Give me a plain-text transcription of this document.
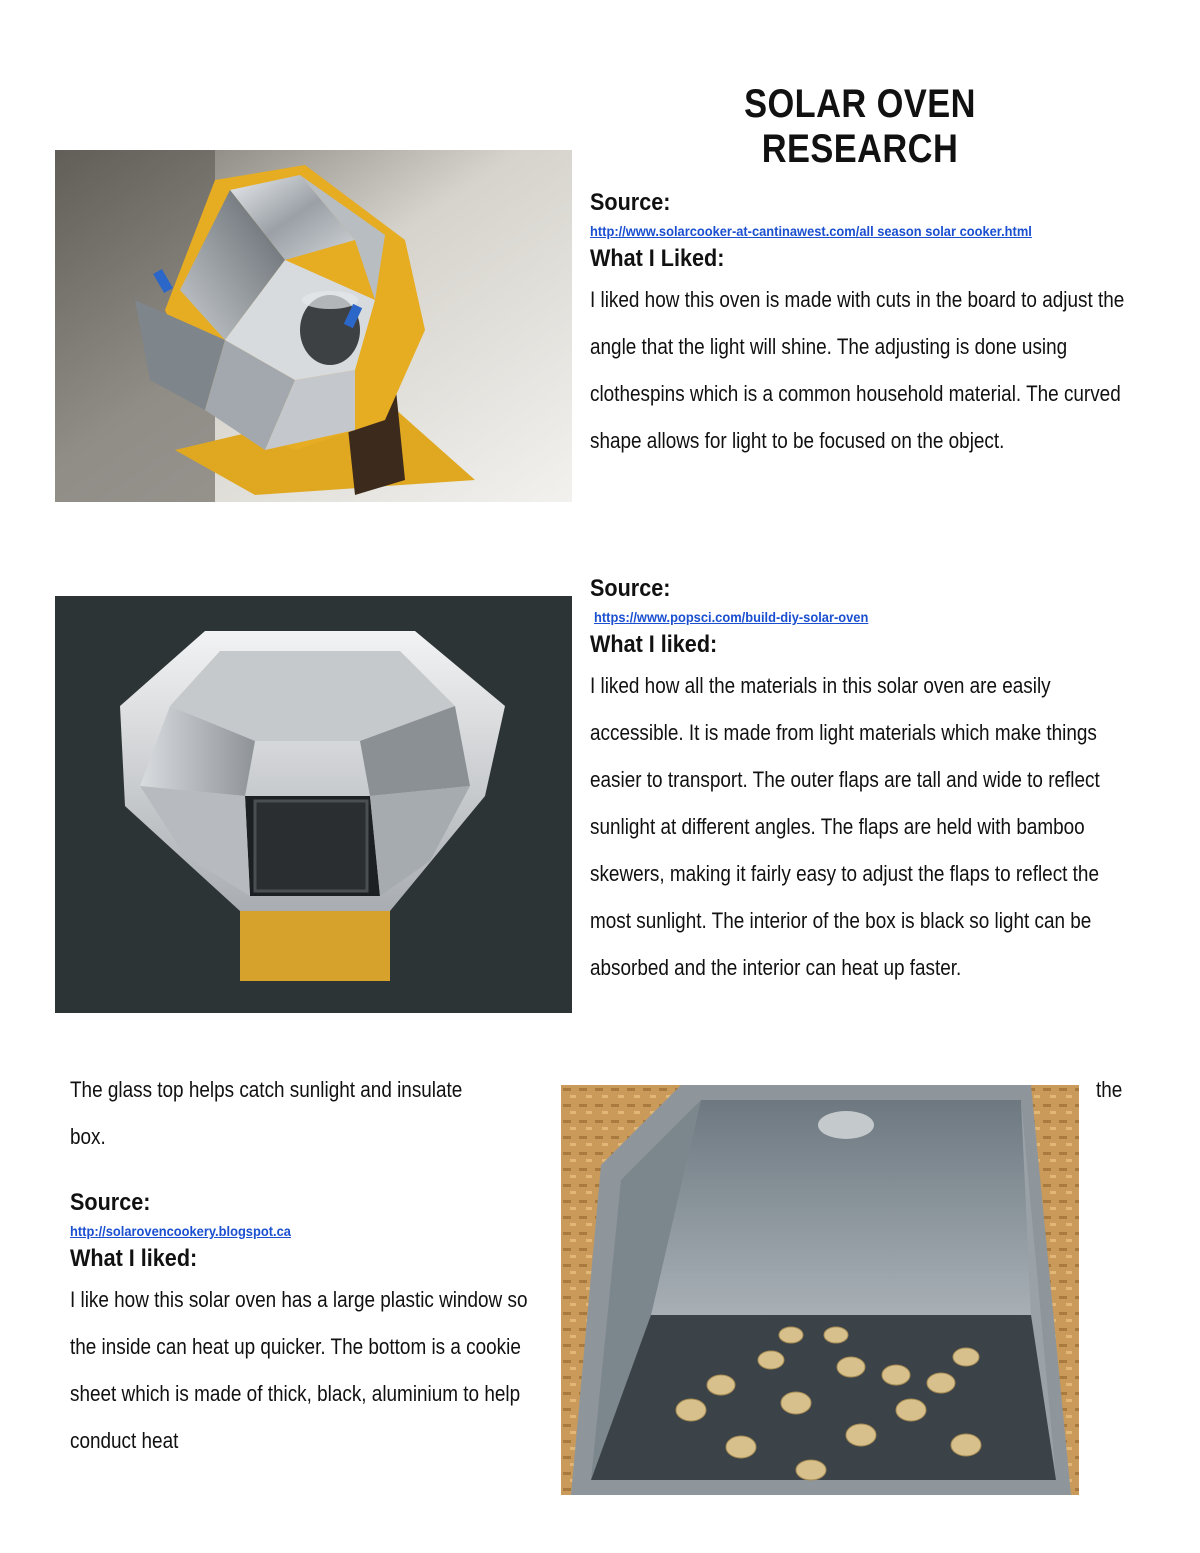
SOLAR OVEN RESEARCH
Source:
http://www.solarcooker-at-cantinawest.com/all season solar cooker.html
What I Liked:
I liked how this oven is made with cuts in the board to adjust the angle that the light will shine. The adjusting is done using clothespins which is a common household material. The curved shape allows for light to be focused on the object.
Source:
https://www.popsci.com/build-diy-solar-oven
What I liked:
I liked how all the materials in this solar oven are easily accessible. It is made from light materials which make things easier to transport. The outer flaps are tall and wide to reflect sunlight at different angles. The flaps are held with bamboo skewers, making it fairly easy to adjust the flaps to reflect the most sunlight. The interior of the box is black so light can be absorbed and the interior can heat up faster.
The glass top helps catch sunlight and insulate	the
box.
Source:
http://solarovencookery.blogspot.ca
What I liked:
I like how this solar oven has a large plastic window so the inside can heat up quicker. The bottom is a cookie sheet which is made of thick, black, aluminium to help conduct heat
